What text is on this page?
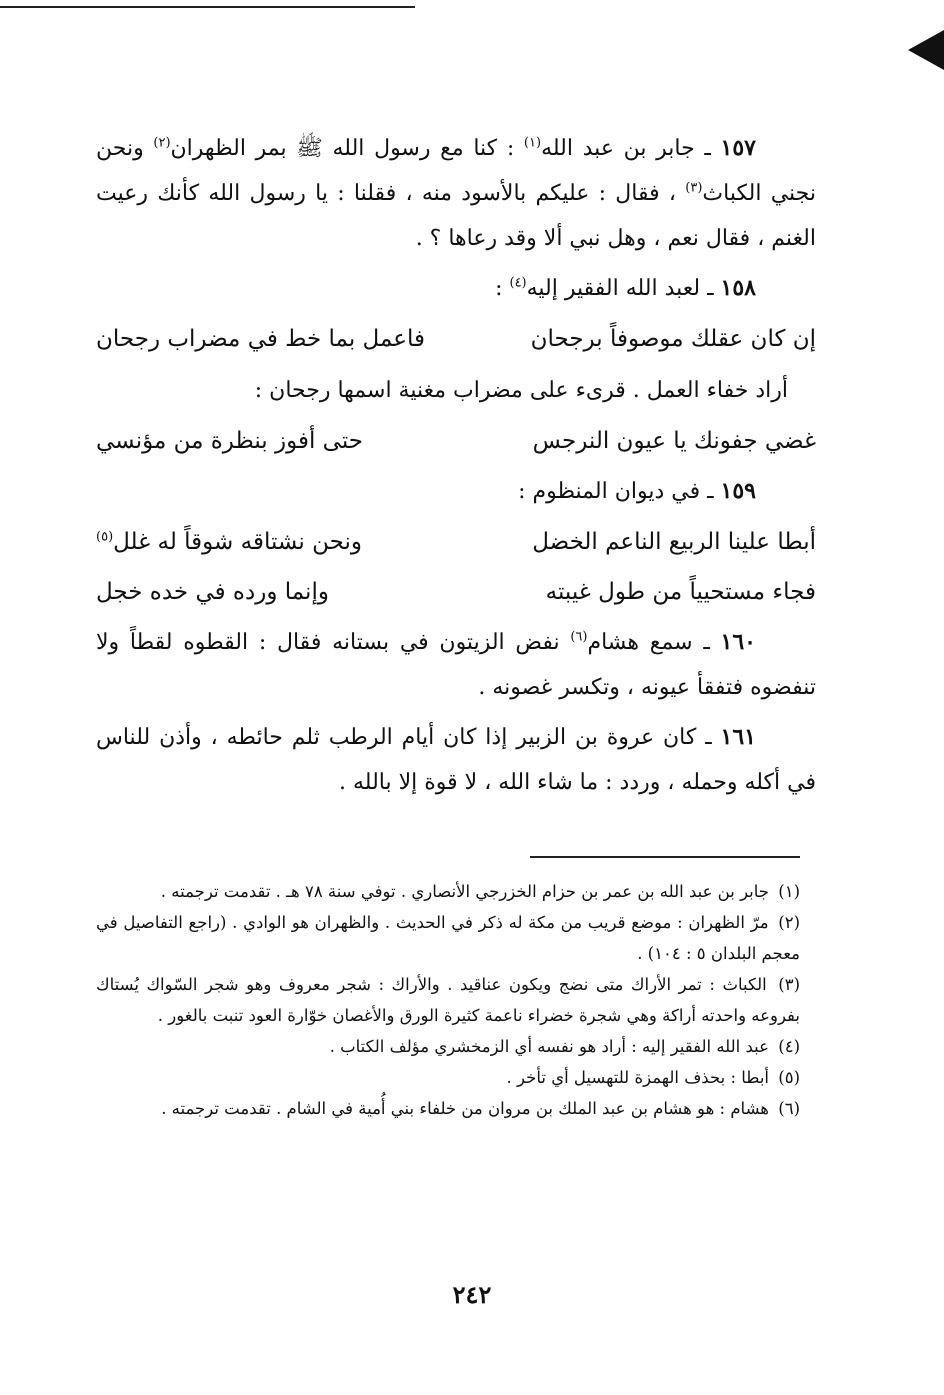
١٥٧ ـ جابر بن عبد الله$^{(١)}$ : كنا مع رسول الله ﷺ بمر الظهران$^{(٢)}$ ونحن نجني الكباث$^{(٣)}$ ، فقال : عليكم بالأسود منه ، فقلنا : يا رسول الله كأنك رعيت الغنم ، فقال نعم ، وهل نبي ألا وقد رعاها ؟ .

١٥٨ ـ لعبد الله الفقير إليه$^{(٤)}$ :
إن كان عقلك موصوفاً برجحان
فاعمل بما خط في مضراب رجحان
أراد خفاء العمل . قرىء على مضراب مغنية اسمها رجحان :
غضي جفونك يا عيون النرجس
حتى أفوز بنظرة من مؤنسي
١٥٩ ـ في ديوان المنظوم :
أبطا علينا الربيع الناعم الخضل
ونحن نشتاقه شوقاً له غلل$^{(٥)}$
فجاء مستحيياً من طول غيبته
وإنما ورده في خده خجل

١٦٠ ـ سمع هشام$^{(٦)}$ نفض الزيتون في بستانه فقال : القطوه لقطاً ولا تنفضوه فتفقأ عيونه ، وتكسر غصونه .

١٦١ ـ كان عروة بن الزبير إذا كان أيام الرطب ثلم حائطه ، وأذن للناس في أكله وحمله ، وردد : ما شاء الله ، لا قوة إلا بالله .

(١) جابر بن عبد الله بن عمر بن حزام الخزرجي الأنصاري . توفي سنة ٧٨ هـ . تقدمت ترجمته .

(٢) مرّ الظهران : موضع قريب من مكة له ذكر في الحديث . والظهران هو الوادي . (راجع التفاصيل في معجم البلدان ٥ : ١٠٤) .

(٣) الكباث : تمر الأراك متى نضج ويكون عناقيد . والأراك : شجر معروف وهو شجر السّواك يُستاك بفروعه واحدته أراكة وهي شجرة خضراء ناعمة كثيرة الورق والأغصان خوّارة العود تنبت بالغور .

(٤) عبد الله الفقير إليه : أراد هو نفسه أي الزمخشري مؤلف الكتاب .

(٥) أبطا : بحذف الهمزة للتهسيل أي تأخر .

(٦) هشام : هو هشام بن عبد الملك بن مروان من خلفاء بني أُمية في الشام . تقدمت ترجمته .

٢٤٢
